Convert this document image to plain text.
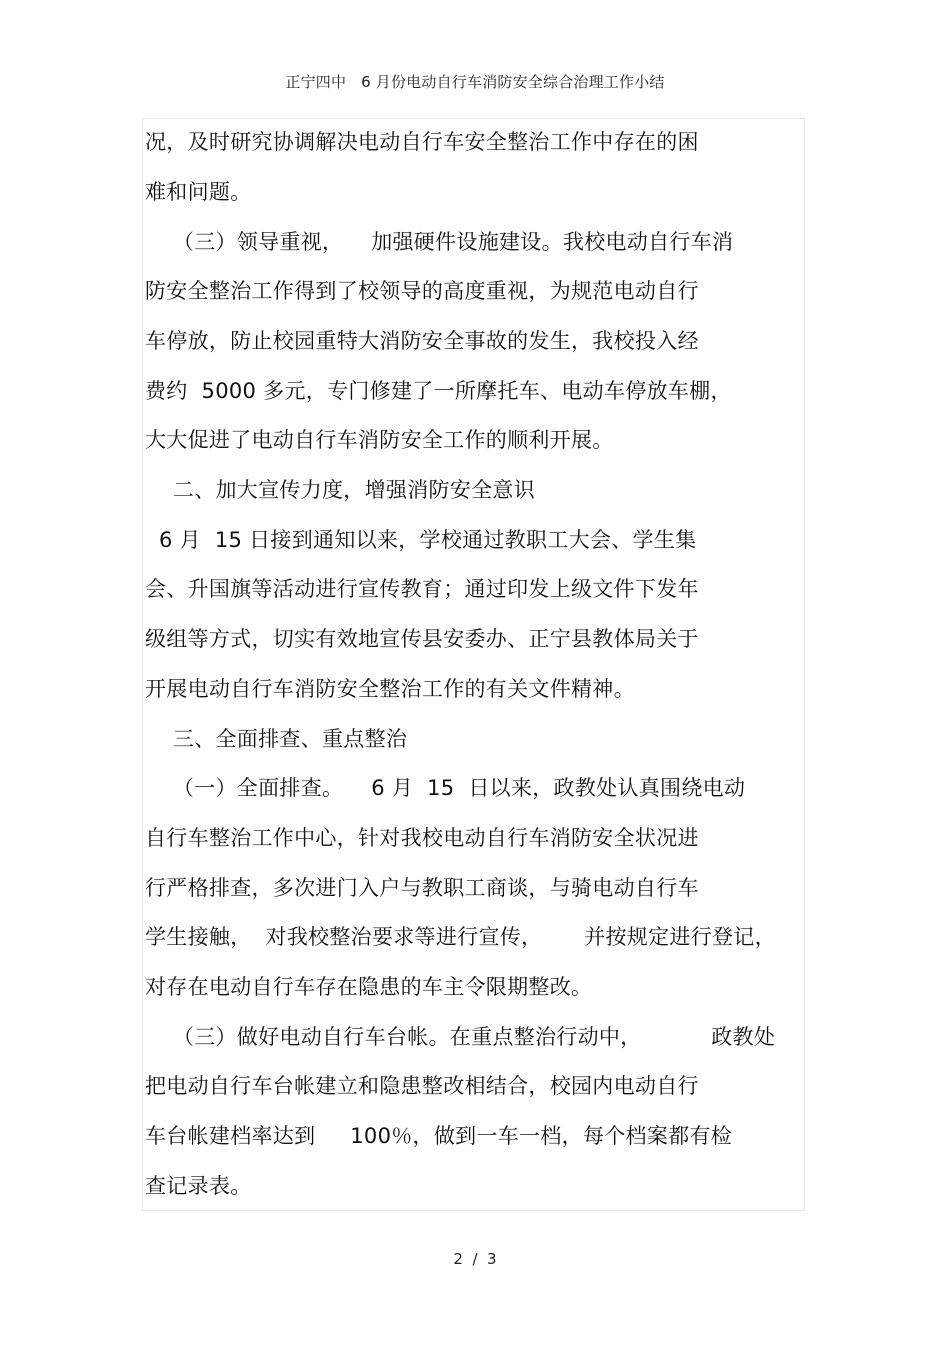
正宁四中   6 月份电动自行车消防安全综合治理工作小结
况，及时研究协调解决电动自行车安全整治工作中存在的困
难和问题。
（三）领导重视，    加强硬件设施建设。我校电动自行车消
防安全整治工作得到了校领导的高度重视，为规范电动自行
车停放，防止校园重特大消防安全事故的发生，我校投入经
费约  5000 多元，专门修建了一所摩托车、电动车停放车棚，
大大促进了电动自行车消防安全工作的顺利开展。
二、加大宣传力度，增强消防安全意识
6 月  15 日接到通知以来，学校通过教职工大会、学生集
会、升国旗等活动进行宣传教育；通过印发上级文件下发年
级组等方式，切实有效地宣传县安委办、正宁县教体局关于
开展电动自行车消防安全整治工作的有关文件精神。
三、全面排查、重点整治
（一）全面排查。    6 月  15  日以来，政教处认真围绕电动
自行车整治工作中心，针对我校电动自行车消防安全状况进
行严格排查，多次进门入户与教职工商谈，与骑电动自行车
学生接触，  对我校整治要求等进行宣传，      并按规定进行登记，
对存在电动自行车存在隐患的车主令限期整改。
（三）做好电动自行车台帐。在重点整治行动中，          政教处
把电动自行车台帐建立和隐患整改相结合，校园内电动自行
车台帐建档率达到     100％，做到一车一档，每个档案都有检
查记录表。
2  /  3
